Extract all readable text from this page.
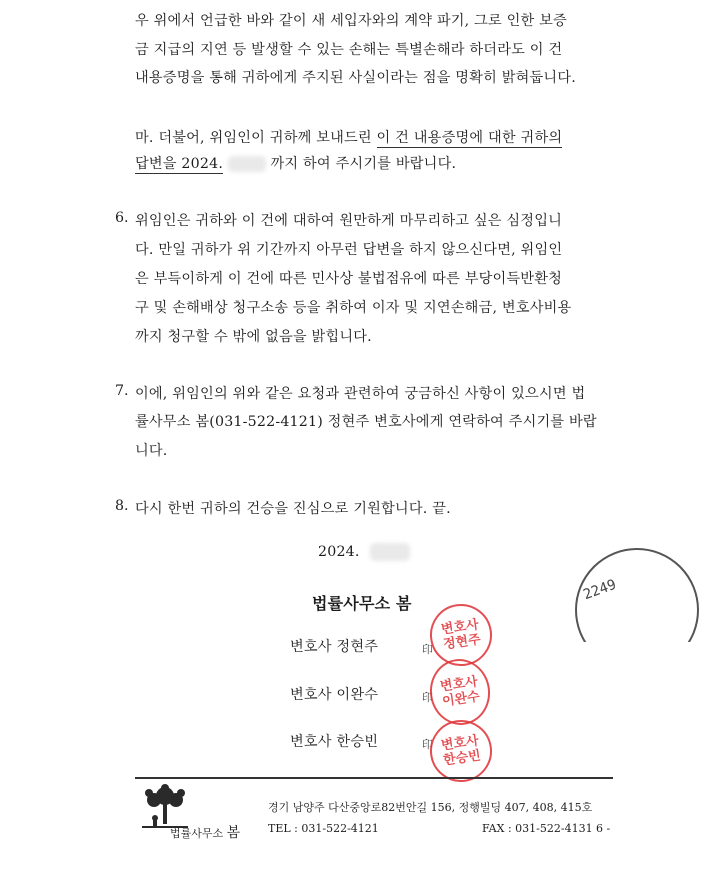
우 위에서 언급한 바와 같이 새 세입자와의 계약 파기, 그로 인한 보증
금 지급의 지연 등 발생할 수 있는 손해는 특별손해라 하더라도 이 건
내용증명을 통해 귀하에게 주지된 사실이라는 점을 명확히 밝혀둡니다.
마. 더불어, 위임인이 귀하께 보내드린 이 건 내용증명에 대한 귀하의
답변을 2024.	까지 하여 주시기를 바랍니다.
6. 위임인은 귀하와 이 건에 대하여 원만하게 마무리하고 싶은 심정입니
다. 만일 귀하가 위 기간까지 아무런 답변을 하지 않으신다면, 위임인
은 부득이하게 이 건에 따른 민사상 불법점유에 따른 부당이득반환청
구 및 손해배상 청구소송 등을 취하여 이자 및 지연손해금, 변호사비용
까지 청구할 수 밖에 없음을 밝힙니다.
7. 이에, 위임인의 위와 같은 요청과 관련하여 궁금하신 사항이 있으시면 법
률사무소 봄(031-522-4121) 정현주 변호사에게 연락하여 주시기를 바랍
니다.
8. 다시 한번 귀하의 건승을 진심으로 기원합니다. 끝.
2024.
2249
법률사무소 봄
변호사 정현주	印
변호사
정현주
변호사 이완수	印
변호사
이완수
변호사 한승빈	印 변호사
한승빈
법률사무소 봄
경기 남양주 다산중앙로82번안길 156, 정행빌딩 407, 408, 415호
TEL : 031-522-4121	FAX : 031-522-4131 6 -
